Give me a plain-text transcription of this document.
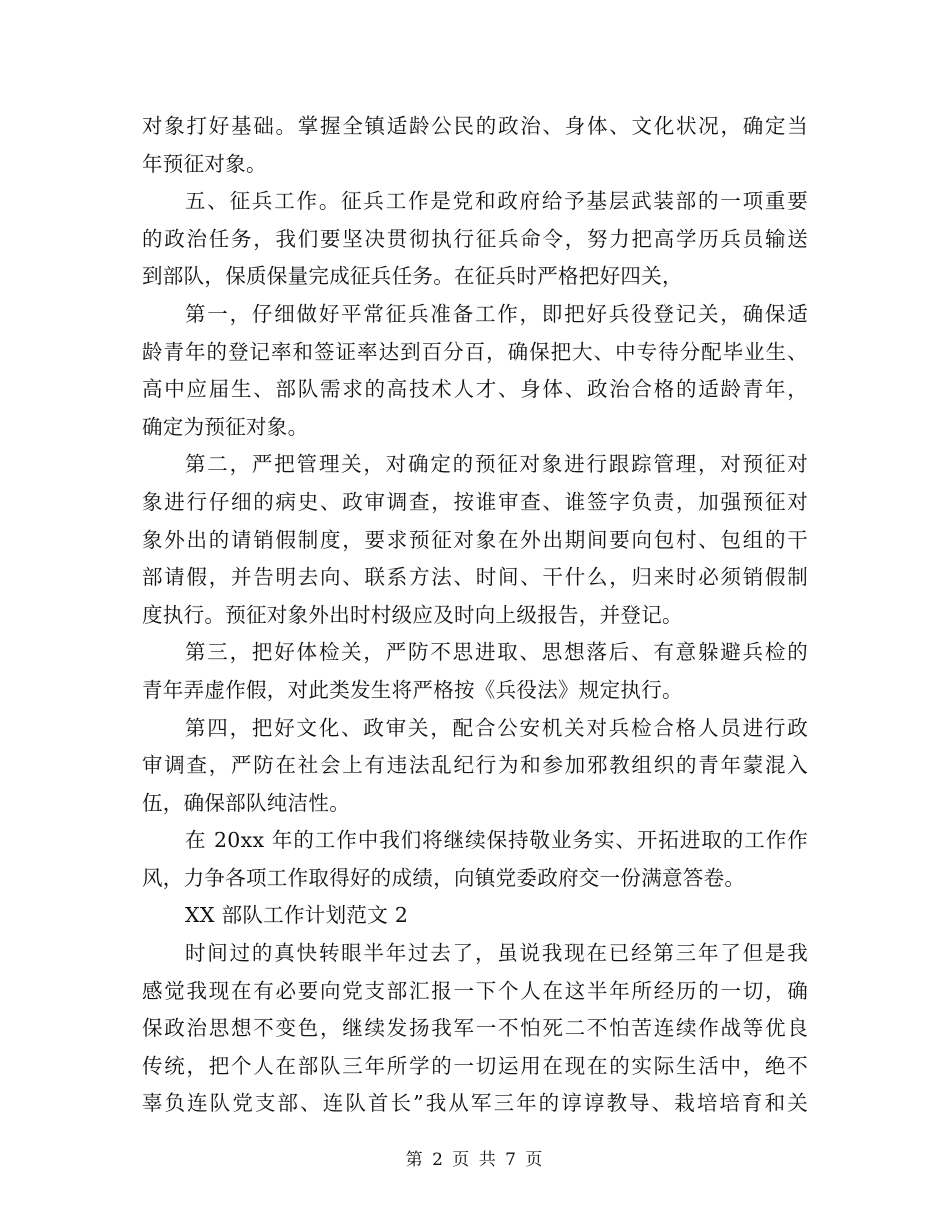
对象打好基础。掌握全镇适龄公民的政治、身体、文化状况，确定当
年预征对象。
五、征兵工作。征兵工作是党和政府给予基层武装部的一项重要
的政治任务，我们要坚决贯彻执行征兵命令，努力把高学历兵员输送
到部队，保质保量完成征兵任务。在征兵时严格把好四关，
第一，仔细做好平常征兵准备工作，即把好兵役登记关，确保适
龄青年的登记率和签证率达到百分百，确保把大、中专待分配毕业生、
高中应届生、部队需求的高技术人才、身体、政治合格的适龄青年，
确定为预征对象。
第二，严把管理关，对确定的预征对象进行跟踪管理，对预征对
象进行仔细的病史、政审调查，按谁审查、谁签字负责，加强预征对
象外出的请销假制度，要求预征对象在外出期间要向包村、包组的干
部请假，并告明去向、联系方法、时间、干什么，归来时必须销假制
度执行。预征对象外出时村级应及时向上级报告，并登记。
第三，把好体检关，严防不思进取、思想落后、有意躲避兵检的
青年弄虚作假，对此类发生将严格按《兵役法》规定执行。
第四，把好文化、政审关，配合公安机关对兵检合格人员进行政
审调查，严防在社会上有违法乱纪行为和参加邪教组织的青年蒙混入
伍，确保部队纯洁性。
在 20xx 年的工作中我们将继续保持敬业务实、开拓进取的工作作
风，力争各项工作取得好的成绩，向镇党委政府交一份满意答卷。
XX 部队工作计划范文 2
时间过的真快转眼半年过去了，虽说我现在已经第三年了但是我
感觉我现在有必要向党支部汇报一下个人在这半年所经历的一切，确
保政治思想不变色，继续发扬我军一不怕死二不怕苦连续作战等优良
传统，把个人在部队三年所学的一切运用在现在的实际生活中，绝不
辜负连队党支部、连队首长”我从军三年的谆谆教导、栽培培育和关
第 2 页 共 7 页
